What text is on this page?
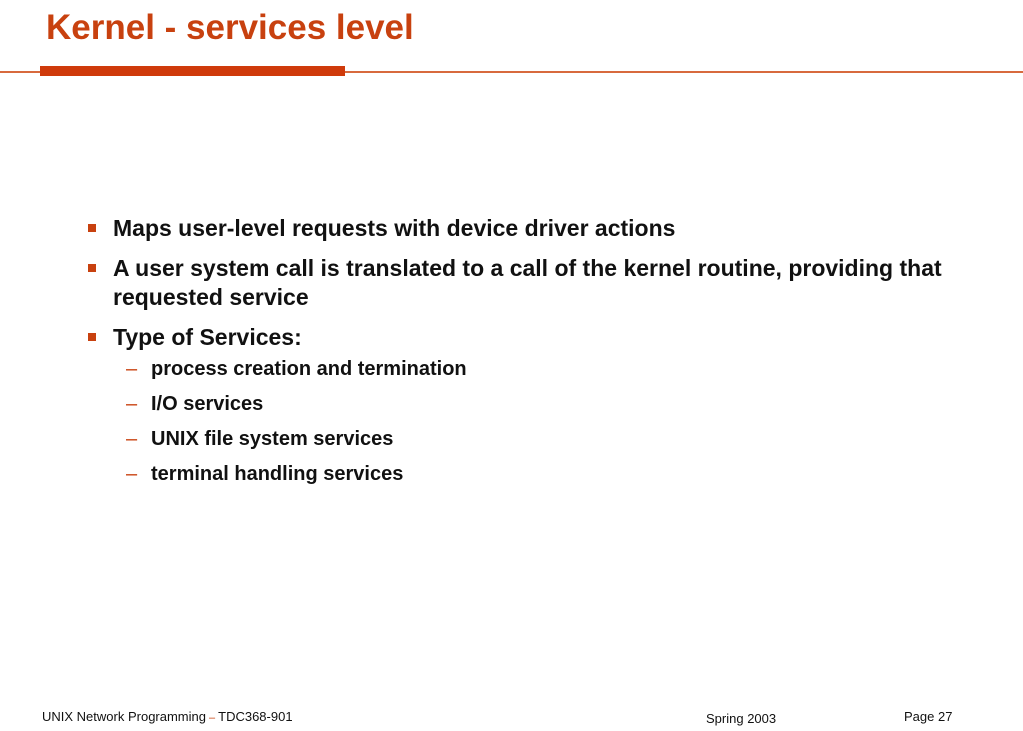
Kernel - services level
Maps user-level requests with device driver actions
A user system call is translated to a call of the kernel routine, providing that requested service
Type of Services:
– process creation and termination
– I/O services
– UNIX file system services
– terminal handling services
UNIX Network Programming – TDC368-901	Spring 2003	Page 27
